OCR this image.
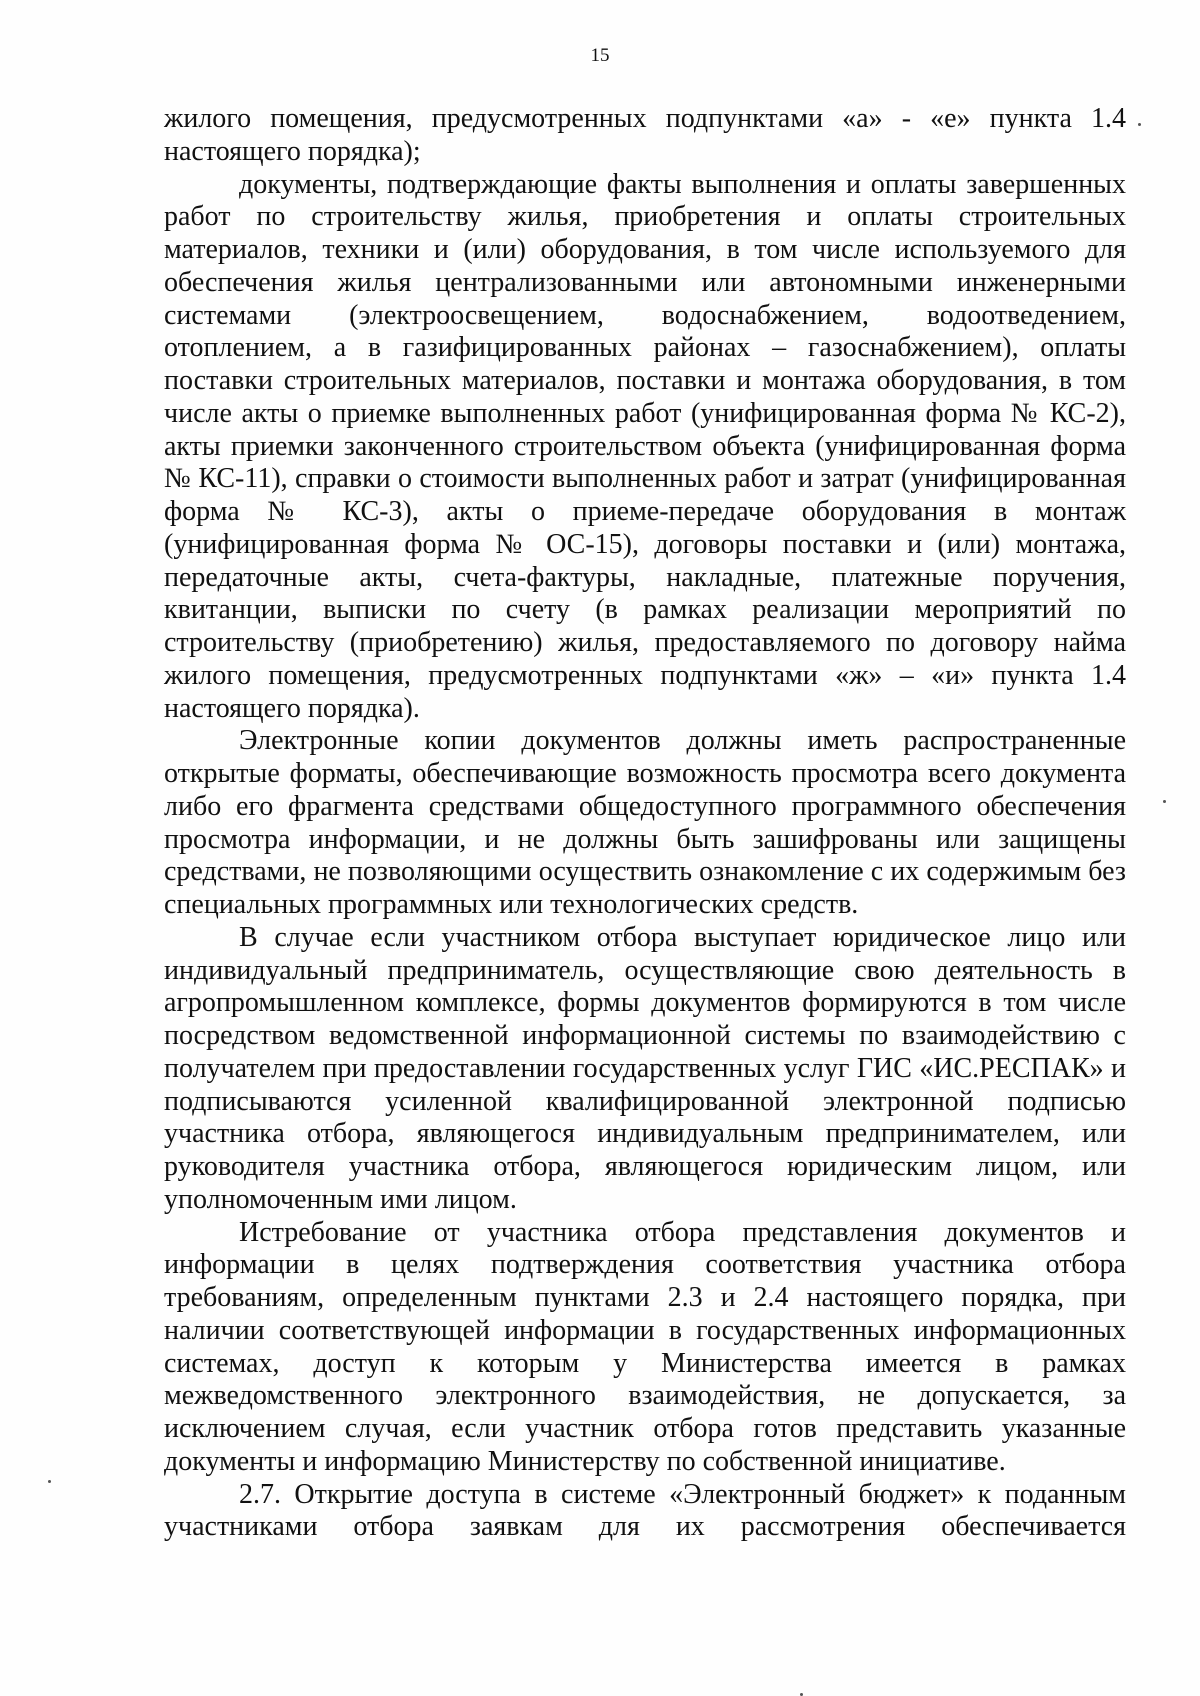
15

жилого помещения, предусмотренных подпунктами «а» - «е» пункта 1.4 настоящего порядка);

документы, подтверждающие факты выполнения и оплаты завершенных работ по строительству жилья, приобретения и оплаты строительных материалов, техники и (или) оборудования, в том числе используемого для обеспечения жилья централизованными или автономными инженерными системами (электроосвещением, водоснабжением, водоотведением, отоплением, а в газифицированных районах – газоснабжением), оплаты поставки строительных материалов, поставки и монтажа оборудования, в том числе акты о приемке выполненных работ (унифицированная форма № КС-2), акты приемки законченного строительством объекта (унифицированная форма № КС-11), справки о стоимости выполненных работ и затрат (унифицированная форма № КС-3), акты о приеме-передаче оборудования в монтаж (унифицированная форма № ОС-15), договоры поставки и (или) монтажа, передаточные акты, счета-фактуры, накладные, платежные поручения, квитанции, выписки по счету (в рамках реализации мероприятий по строительству (приобретению) жилья, предоставляемого по договору найма жилого помещения, предусмотренных подпунктами «ж» – «и» пункта 1.4 настоящего порядка).

Электронные копии документов должны иметь распространенные открытые форматы, обеспечивающие возможность просмотра всего документа либо его фрагмента средствами общедоступного программного обеспечения просмотра информации, и не должны быть зашифрованы или защищены средствами, не позволяющими осуществить ознакомление с их содержимым без специальных программных или технологических средств.

В случае если участником отбора выступает юридическое лицо или индивидуальный предприниматель, осуществляющие свою деятельность в агропромышленном комплексе, формы документов формируются в том числе посредством ведомственной информационной системы по взаимодействию с получателем при предоставлении государственных услуг ГИС «ИС.РЕСПАК» и подписываются усиленной квалифицированной электронной подписью участника отбора, являющегося индивидуальным предпринимателем, или руководителя участника отбора, являющегося юридическим лицом, или уполномоченным ими лицом.

Истребование от участника отбора представления документов и информации в целях подтверждения соответствия участника отбора требованиям, определенным пунктами 2.3 и 2.4 настоящего порядка, при наличии соответствующей информации в государственных информационных системах, доступ к которым у Министерства имеется в рамках межведомственного электронного взаимодействия, не допускается, за исключением случая, если участник отбора готов представить указанные документы и информацию Министерству по собственной инициативе.

2.7. Открытие доступа в системе «Электронный бюджет» к поданным участниками отбора заявкам для их рассмотрения обеспечивается
